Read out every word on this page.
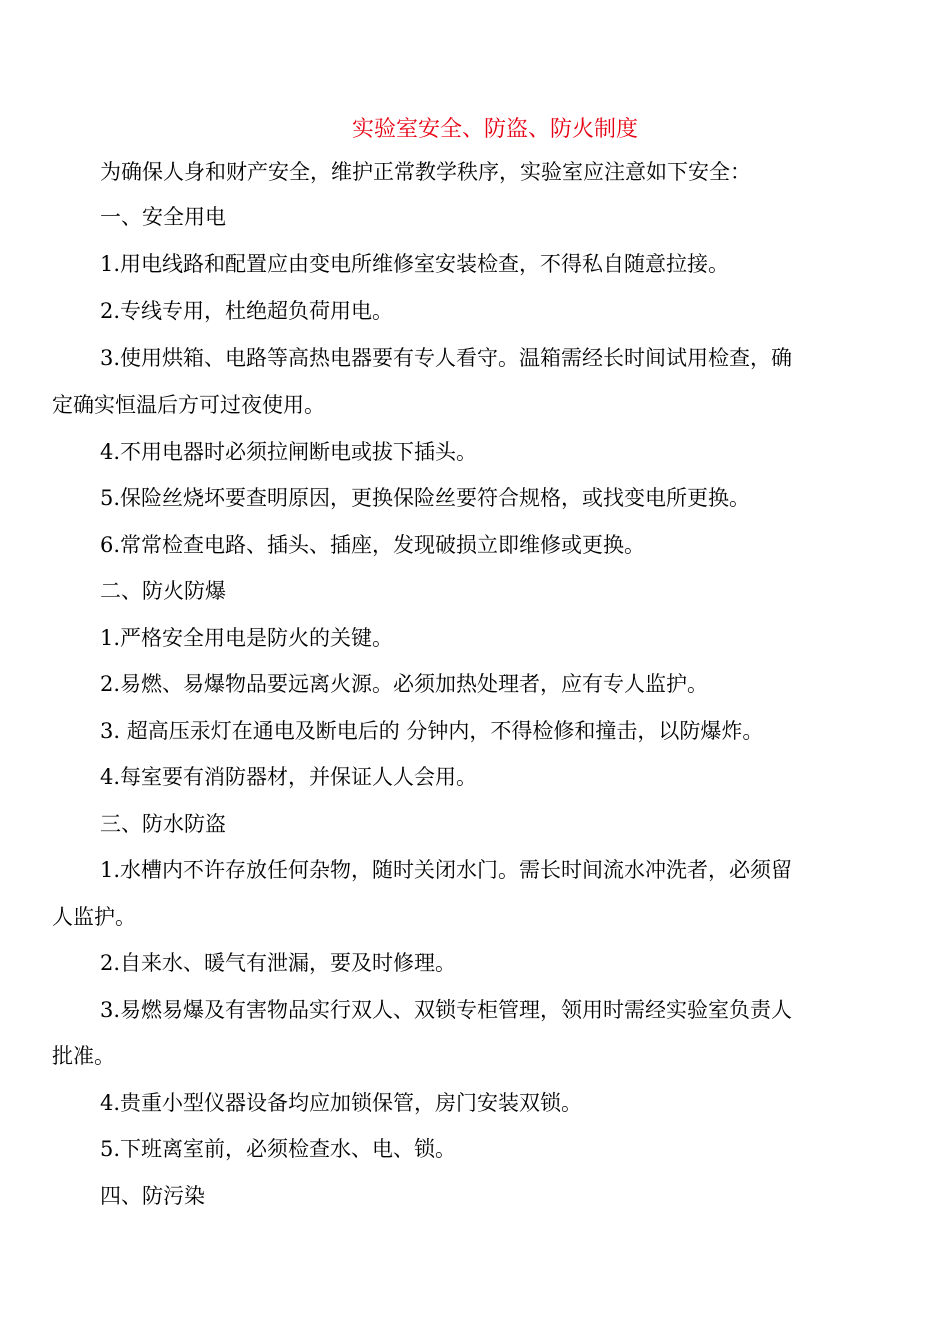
实验室安全、防盗、防火制度
为确保人身和财产安全，维护正常教学秩序，实验室应注意如下安全：
一、安全用电
1.用电线路和配置应由变电所维修室安装检查，不得私自随意拉接。
2.专线专用，杜绝超负荷用电。
3.使用烘箱、电路等高热电器要有专人看守。温箱需经长时间试用检查，确
定确实恒温后方可过夜使用。
4.不用电器时必须拉闸断电或拔下插头。
5.保险丝烧坏要查明原因，更换保险丝要符合规格，或找变电所更换。
6.常常检查电路、插头、插座，发现破损立即维修或更换。
二、防火防爆
1.严格安全用电是防火的关键。
2.易燃、易爆物品要远离火源。必须加热处理者，应有专人监护。
3. 超高压汞灯在通电及断电后的 分钟内，不得检修和撞击，以防爆炸。
4.每室要有消防器材，并保证人人会用。
三、防水防盗
1.水槽内不许存放任何杂物，随时关闭水门。需长时间流水冲洗者，必须留
人监护。
2.自来水、暖气有泄漏，要及时修理。
3.易燃易爆及有害物品实行双人、双锁专柜管理，领用时需经实验室负责人
批准。
4.贵重小型仪器设备均应加锁保管，房门安装双锁。
5.下班离室前，必须检查水、电、锁。
四、防污染
